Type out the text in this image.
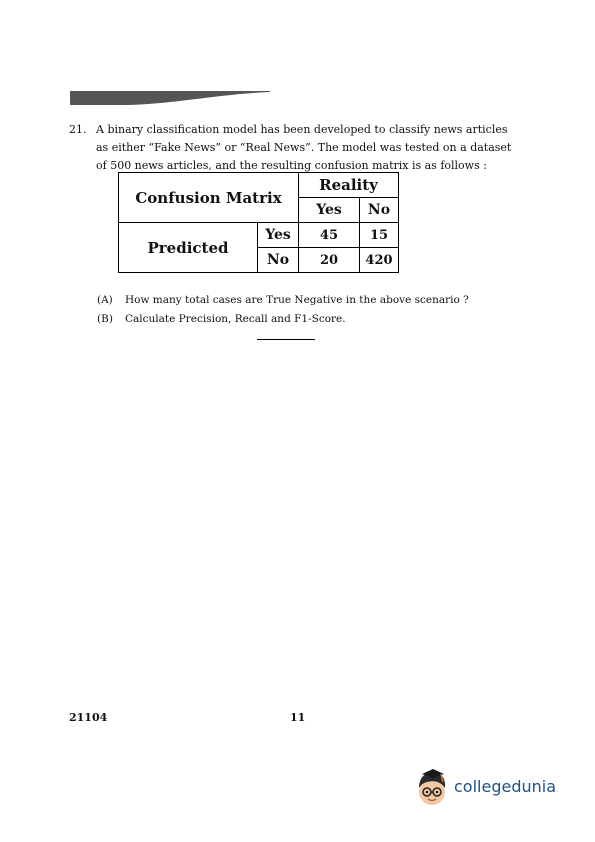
21. A binary classification model has been developed to classify news articles
as either “Fake News” or “Real News”. The model was tested on a dataset
of 500 news articles, and the resulting confusion matrix is as follows :
Confusion Matrix		Reality	
		Yes	No
Predicted	Yes	45	15
	No	20	420
(A) How many total cases are True Negative in the above scenario ?
(B) Calculate Precision, Recall and F1-Score.
21104	11
collegedunia.
